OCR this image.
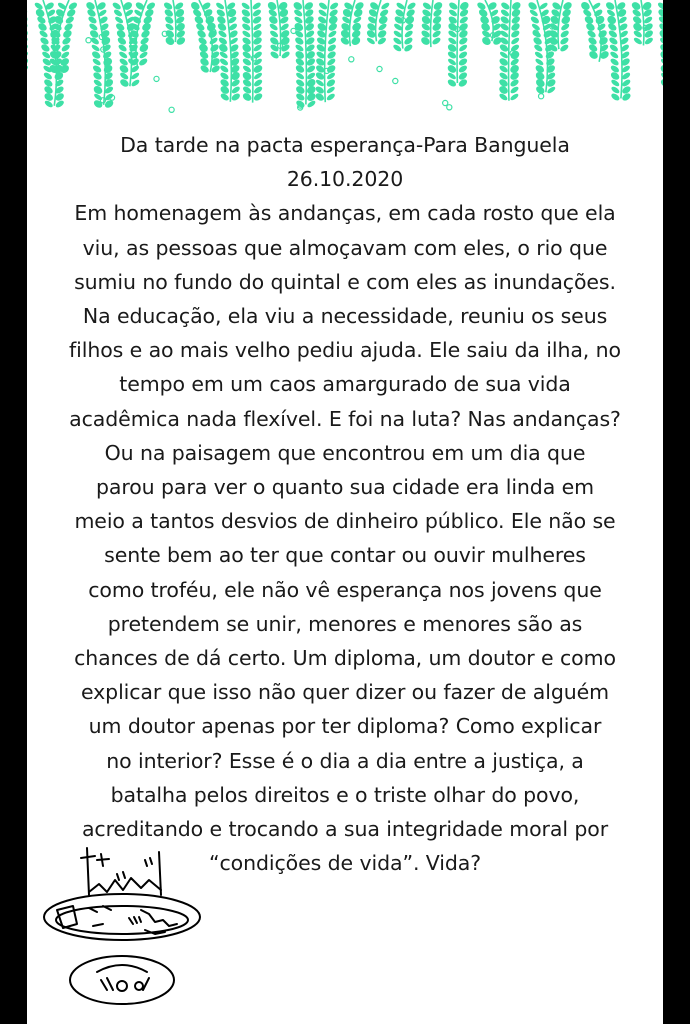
Da tarde na pacta esperança-Para Banguela

26.10.2020

Em homenagem às andanças, em cada rosto que ela

viu, as pessoas que almoçavam com eles, o rio que

sumiu no fundo do quintal e com eles as inundações.

Na educação, ela viu a necessidade, reuniu os seus

filhos e ao mais velho pediu ajuda. Ele saiu da ilha, no

tempo em um caos amargurado de sua vida

acadêmica nada flexível. E foi na luta? Nas andanças?

Ou na paisagem que encontrou em um dia que

parou para ver o quanto sua cidade era linda em

meio a tantos desvios de dinheiro público. Ele não se

sente bem ao ter que contar ou ouvir mulheres

como troféu, ele não vê esperança nos jovens que

pretendem se unir, menores e menores são as

chances de dá certo. Um diploma, um doutor e como

explicar que isso não quer dizer ou fazer de alguém

um doutor apenas por ter diploma? Como explicar

no interior? Esse é o dia a dia entre a justiça, a

batalha pelos direitos e o triste olhar do povo,

acreditando e trocando a sua integridade moral por

“condições de vida”. Vida?
